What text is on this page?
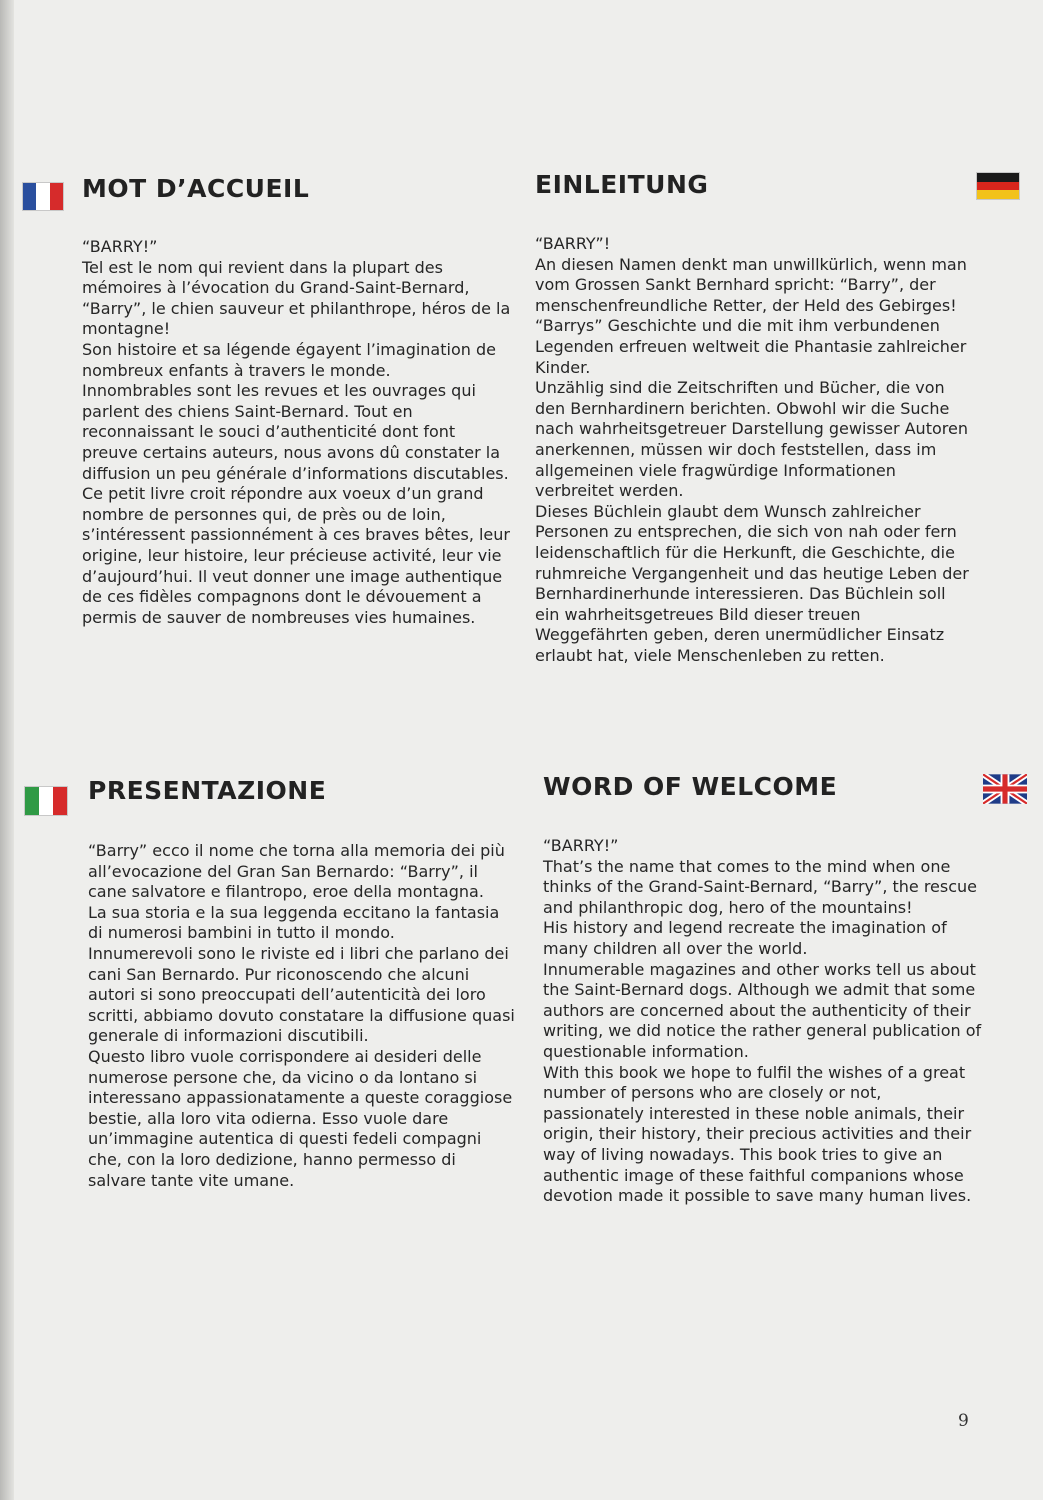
MOT D’ACCUEIL

“BARRY!”

Tel est le nom qui revient dans la plupart des mémoires à l’évocation du Grand-Saint-Bernard, “Barry”, le chien sauveur et philanthrope, héros de la montagne!

Son histoire et sa légende égayent l’imagination de nombreux enfants à travers le monde.

Innombrables sont les revues et les ouvrages qui parlent des chiens Saint-Bernard. Tout en reconnaissant le souci d’authenticité dont font preuve certains auteurs, nous avons dû constater la diffusion un peu générale d’informations discutables.

Ce petit livre croit répondre aux voeux d’un grand nombre de personnes qui, de près ou de loin, s’intéressent passionnément à ces braves bêtes, leur origine, leur histoire, leur précieuse activité, leur vie d’aujourd’hui. Il veut donner une image authentique de ces fidèles compagnons dont le dévouement a permis de sauver de nombreuses vies humaines.

EINLEITUNG

“BARRY”!

An diesen Namen denkt man unwillkürlich, wenn man vom Grossen Sankt Bernhard spricht: “Barry”, der menschenfreundliche Retter, der Held des Gebirges!

“Barrys” Geschichte und die mit ihm verbundenen Legenden erfreuen weltweit die Phantasie zahlreicher Kinder.

Unzählig sind die Zeitschriften und Bücher, die von den Bernhardinern berichten. Obwohl wir die Suche nach wahrheitsgetreuer Darstellung gewisser Autoren anerkennen, müssen wir doch feststellen, dass im allgemeinen viele fragwürdige Informationen verbreitet werden.

Dieses Büchlein glaubt dem Wunsch zahlreicher Personen zu entsprechen, die sich von nah oder fern leidenschaftlich für die Herkunft, die Geschichte, die ruhmreiche Vergangenheit und das heutige Leben der Bernhardinerhunde interessieren. Das Büchlein soll ein wahrheitsgetreues Bild dieser treuen Weggefährten geben, deren unermüdlicher Einsatz erlaubt hat, viele Menschenleben zu retten.

PRESENTAZIONE

“Barry” ecco il nome che torna alla memoria dei più all’evocazione del Gran San Bernardo: “Barry”, il cane salvatore e filantropo, eroe della montagna.

La sua storia e la sua leggenda eccitano la fantasia di numerosi bambini in tutto il mondo.

Innumerevoli sono le riviste ed i libri che parlano dei cani San Bernardo. Pur riconoscendo che alcuni autori si sono preoccupati dell’autenticità dei loro scritti, abbiamo dovuto constatare la diffusione quasi generale di informazioni discutibili.

Questo libro vuole corrispondere ai desideri delle numerose persone che, da vicino o da lontano si interessano appassionatamente a queste coraggiose bestie, alla loro vita odierna. Esso vuole dare un’immagine autentica di questi fedeli compagni che, con la loro dedizione, hanno permesso di salvare tante vite umane.

WORD OF WELCOME

“BARRY!”

That’s the name that comes to the mind when one thinks of the Grand-Saint-Bernard, “Barry”, the rescue and philanthropic dog, hero of the mountains!

His history and legend recreate the imagination of many children all over the world.

Innumerable magazines and other works tell us about the Saint-Bernard dogs. Although we admit that some authors are concerned about the authenticity of their writing, we did notice the rather general publication of questionable information.

With this book we hope to fulfil the wishes of a great number of persons who are closely or not, passionately interested in these noble animals, their origin, their history, their precious activities and their way of living nowadays. This book tries to give an authentic image of these faithful companions whose devotion made it possible to save many human lives.

9
